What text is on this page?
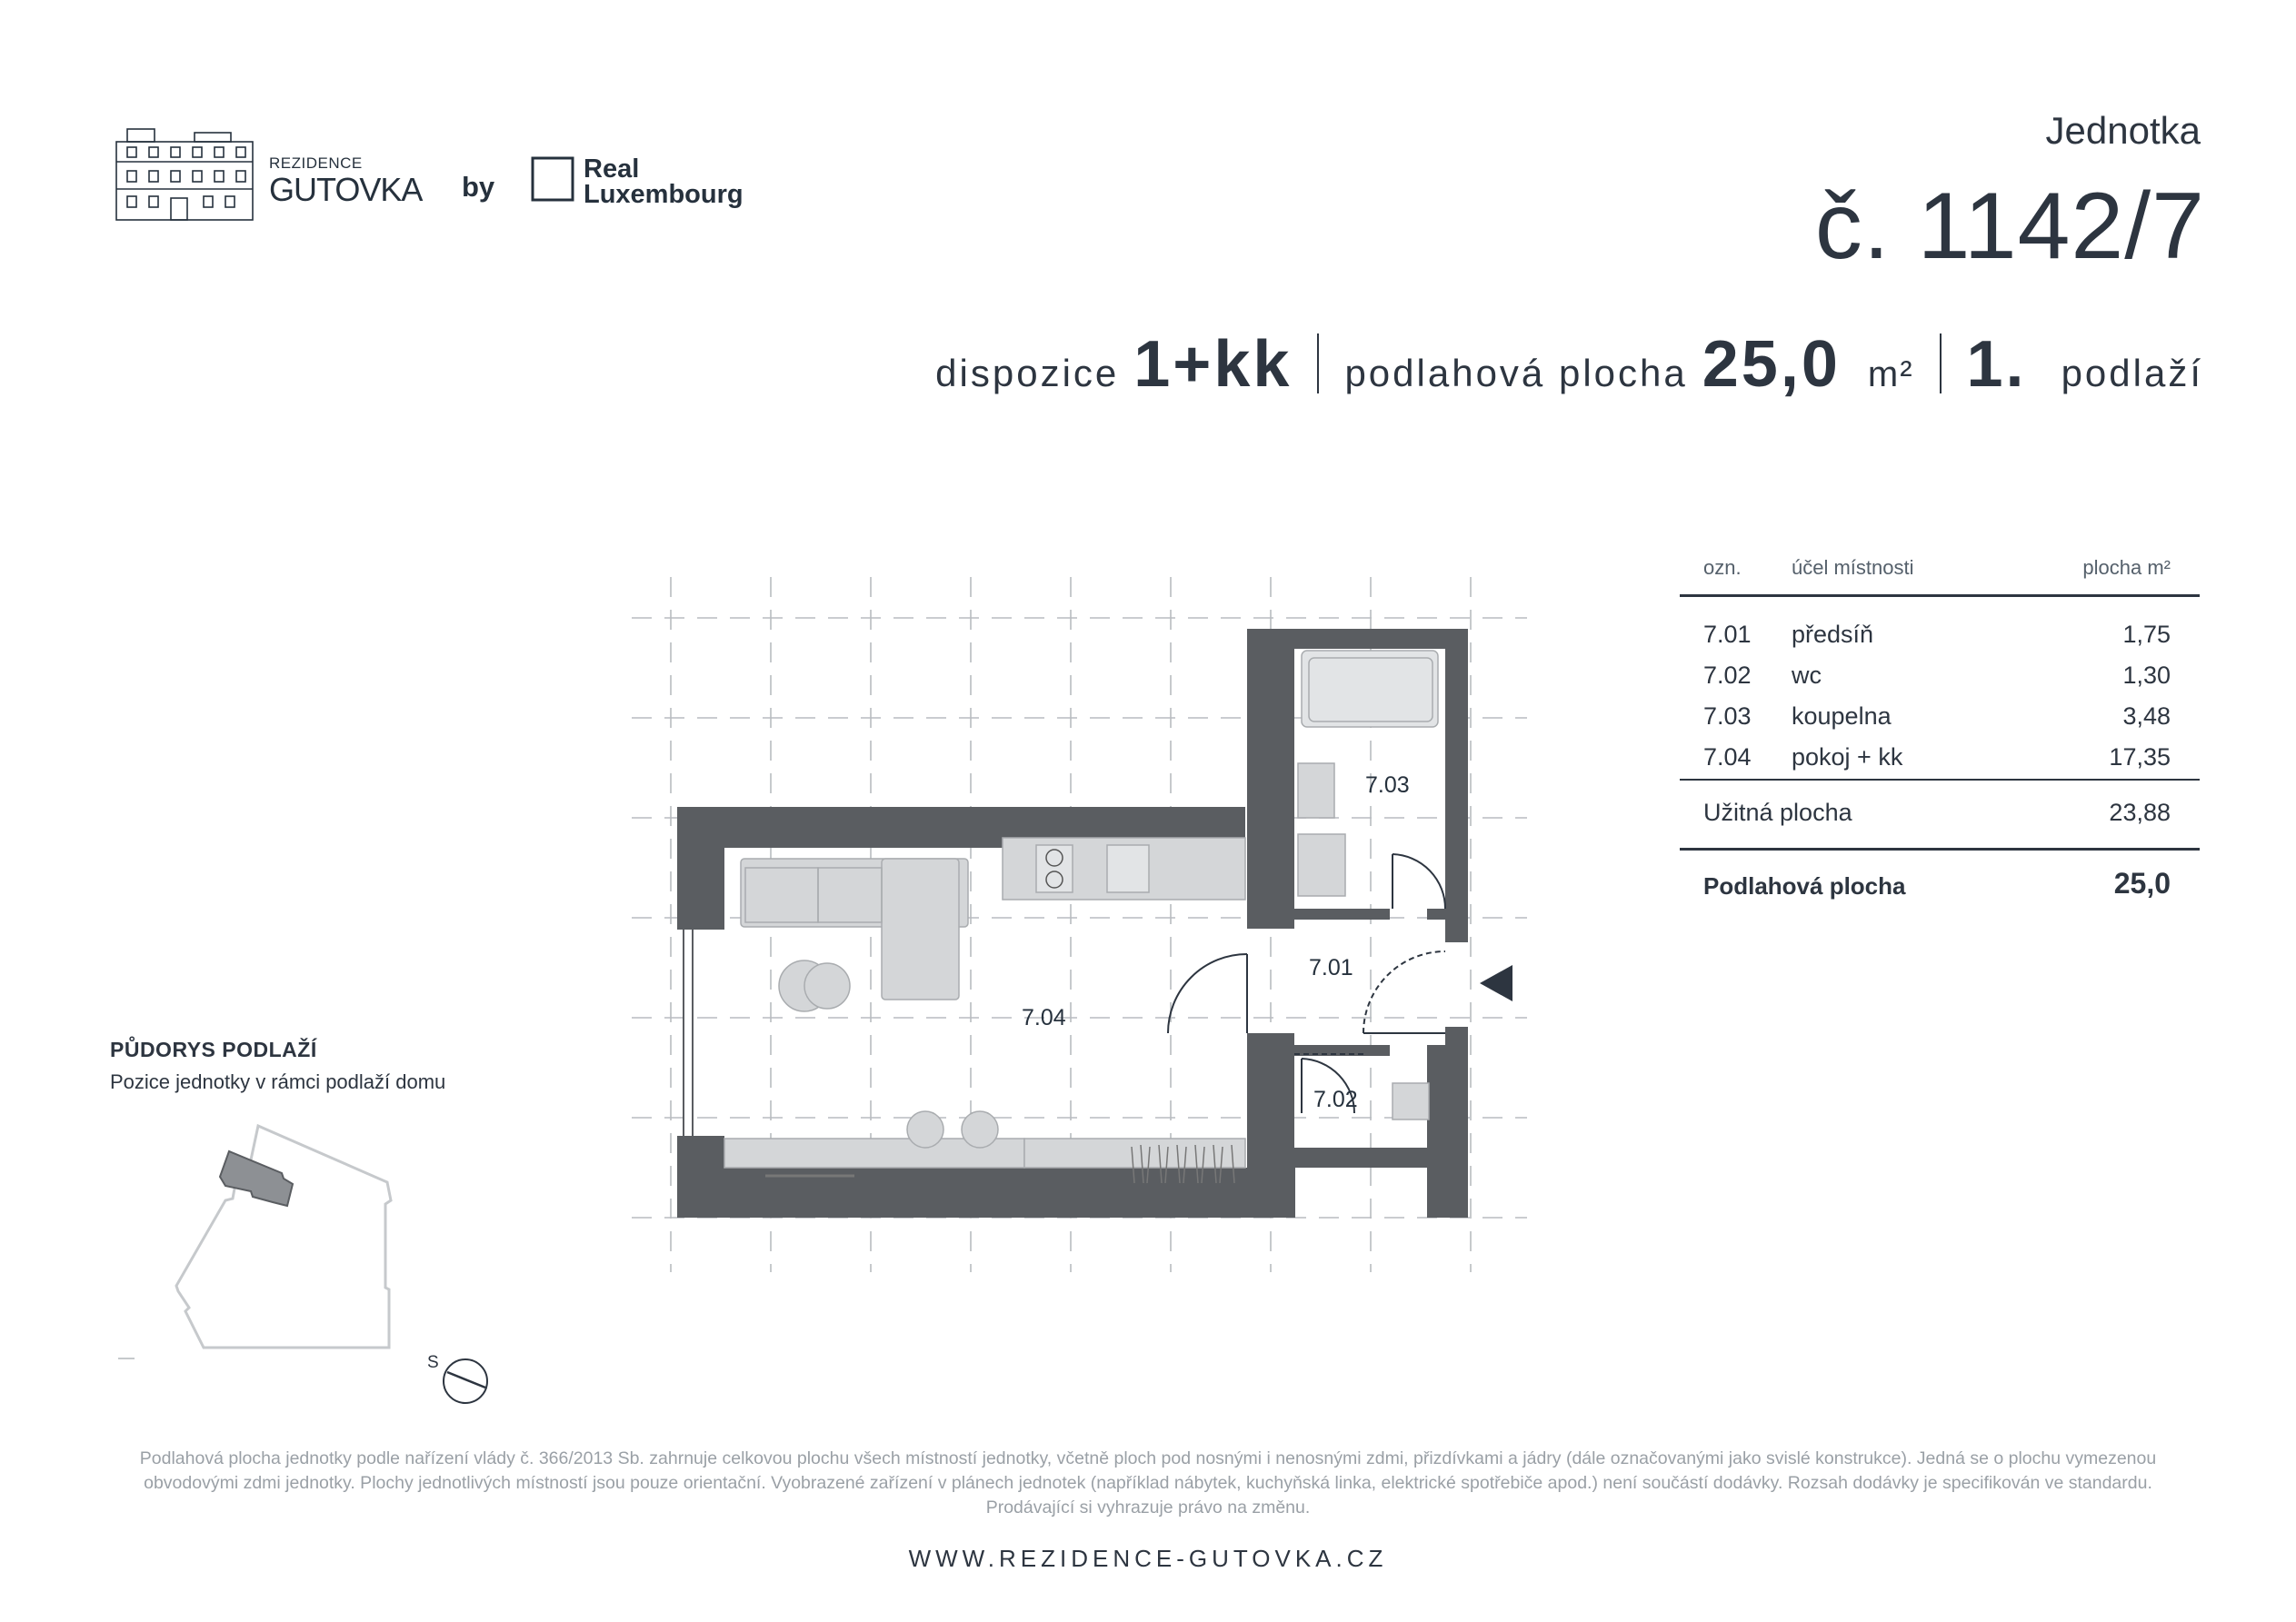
REZIDENCE
GUTOVKA by
Real
Luxembourg
Jednotka
č. 1142/7
dispozice 1+kk podlahová plocha 25,0 m² 1. podlaží
ozn.	účel místnosti	plocha m²
7.01 předsíň	1,75
7.02 wc	1,30
7.03 koupelna	3,48
7.04 pokoj + kk	17,35
Užitná plocha	23,88
Podlahová plocha	25,0
PŮDORYS PODLAŽÍ
Pozice jednotky v rámci podlaží domu
S
7.01
7.02
7.03
7.04
Podlahová plocha jednotky podle nařízení vlády č. 366/2013 Sb. zahrnuje celkovou plochu všech místností jednotky, včetně ploch pod nosnými i nenosnými zdmi, přizdívkami a jádry (dále označovanými jako svislé konstrukce). Jedná se o plochu vymezenou obvodovými zdmi jednotky. Plochy jednotlivých místností jsou pouze orientační. Vyobrazené zařízení v plánech jednotek (například nábytek, kuchyňská linka, elektrické spotřebiče apod.) není součástí dodávky. Rozsah dodávky je specifikován ve standardu. Prodávající si vyhrazuje právo na změnu.
WWW.REZIDENCE-GUTOVKA.CZ
